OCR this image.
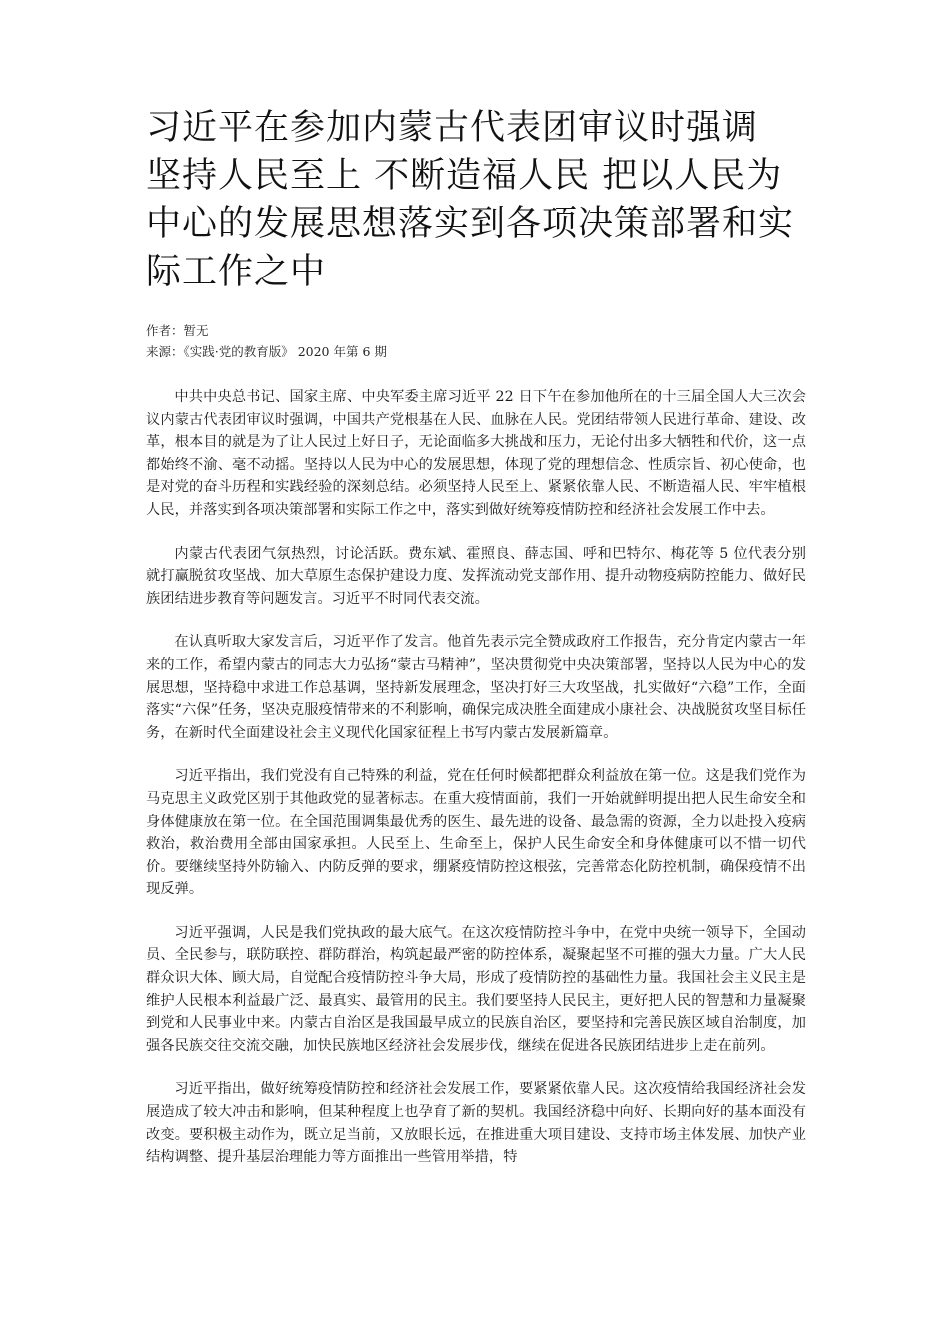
习近平在参加内蒙古代表团审议时强调
坚持人民至上 不断造福人民 把以人民为
中心的发展思想落实到各项决策部署和实
际工作之中
作者：暂无
来源：《实践·党的教育版》 2020 年第 6 期

中共中央总书记、国家主席、中央军委主席习近平 22 日下午在参加他所在的十三届全国人大三次会议内蒙古代表团审议时强调，中国共产党根基在人民、血脉在人民。党团结带领人民进行革命、建设、改革，根本目的就是为了让人民过上好日子，无论面临多大挑战和压力，无论付出多大牺牲和代价，这一点都始终不渝、毫不动摇。坚持以人民为中心的发展思想，体现了党的理想信念、性质宗旨、初心使命，也是对党的奋斗历程和实践经验的深刻总结。必须坚持人民至上、紧紧依靠人民、不断造福人民、牢牢植根人民，并落实到各项决策部署和实际工作之中，落实到做好统筹疫情防控和经济社会发展工作中去。

内蒙古代表团气氛热烈，讨论活跃。费东斌、霍照良、薛志国、呼和巴特尔、梅花等 5 位代表分别就打赢脱贫攻坚战、加大草原生态保护建设力度、发挥流动党支部作用、提升动物疫病防控能力、做好民族团结进步教育等问题发言。习近平不时同代表交流。

在认真听取大家发言后，习近平作了发言。他首先表示完全赞成政府工作报告，充分肯定内蒙古一年来的工作，希望内蒙古的同志大力弘扬“蒙古马精神”，坚决贯彻党中央决策部署，坚持以人民为中心的发展思想，坚持稳中求进工作总基调，坚持新发展理念，坚决打好三大攻坚战，扎实做好“六稳”工作，全面落实“六保”任务，坚决克服疫情带来的不利影响，确保完成决胜全面建成小康社会、决战脱贫攻坚目标任务，在新时代全面建设社会主义现代化国家征程上书写内蒙古发展新篇章。

习近平指出，我们党没有自己特殊的利益，党在任何时候都把群众利益放在第一位。这是我们党作为马克思主义政党区别于其他政党的显著标志。在重大疫情面前，我们一开始就鲜明提出把人民生命安全和身体健康放在第一位。在全国范围调集最优秀的医生、最先进的设备、最急需的资源，全力以赴投入疫病救治，救治费用全部由国家承担。人民至上、生命至上，保护人民生命安全和身体健康可以不惜一切代价。要继续坚持外防输入、内防反弹的要求，绷紧疫情防控这根弦，完善常态化防控机制，确保疫情不出现反弹。

习近平强调，人民是我们党执政的最大底气。在这次疫情防控斗争中，在党中央统一领导下，全国动员、全民参与，联防联控、群防群治，构筑起最严密的防控体系，凝聚起坚不可摧的强大力量。广大人民群众识大体、顾大局，自觉配合疫情防控斗争大局，形成了疫情防控的基础性力量。我国社会主义民主是维护人民根本利益最广泛、最真实、最管用的民主。我们要坚持人民民主，更好把人民的智慧和力量凝聚到党和人民事业中来。内蒙古自治区是我国最早成立的民族自治区，要坚持和完善民族区域自治制度，加强各民族交往交流交融，加快民族地区经济社会发展步伐，继续在促进各民族团结进步上走在前列。

习近平指出，做好统筹疫情防控和经济社会发展工作，要紧紧依靠人民。这次疫情给我国经济社会发展造成了较大冲击和影响，但某种程度上也孕育了新的契机。我国经济稳中向好、长期向好的基本面没有改变。要积极主动作为，既立足当前，又放眼长远，在推进重大项目建设、支持市场主体发展、加快产业结构调整、提升基层治理能力等方面推出一些管用举措，特
